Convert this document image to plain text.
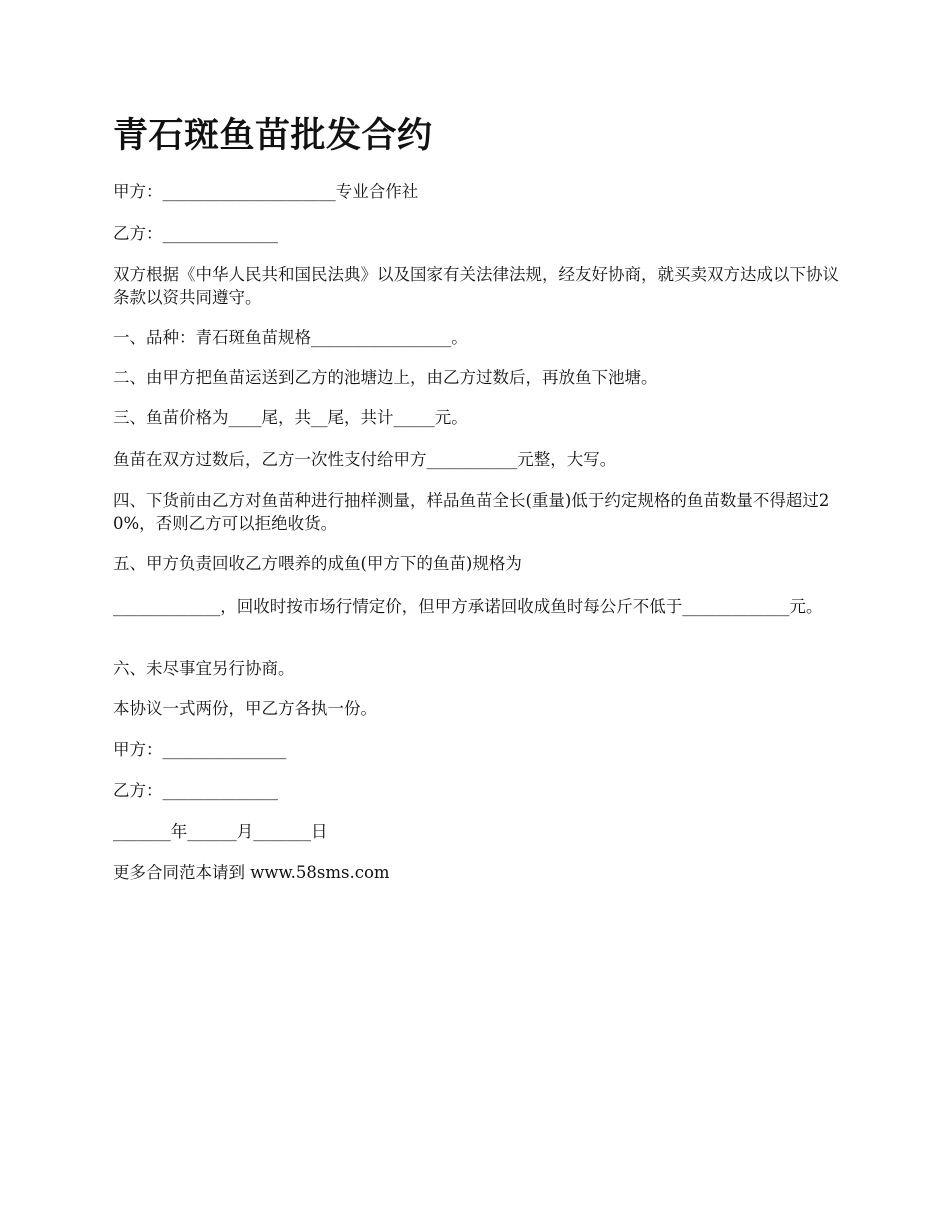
青石斑鱼苗批发合约
甲方：_____________________专业合作社
乙方：______________
双方根据《中华人民共和国民法典》以及国家有关法律法规，经友好协商，就买卖双方达成以下协议条款以资共同遵守。
一、品种：青石斑鱼苗规格_________________。
二、由甲方把鱼苗运送到乙方的池塘边上，由乙方过数后，再放鱼下池塘。
三、鱼苗价格为____尾，共__尾，共计_____元。
鱼苗在双方过数后，乙方一次性支付给甲方___________元整，大写。
四、下货前由乙方对鱼苗种进行抽样测量，样品鱼苗全长(重量)低于约定规格的鱼苗数量不得超过20%，否则乙方可以拒绝收货。
五、甲方负责回收乙方喂养的成鱼(甲方下的鱼苗)规格为
_____________，回收时按市场行情定价，但甲方承诺回收成鱼时每公斤不低于_____________元。
六、未尽事宜另行协商。
本协议一式两份，甲乙方各执一份。
甲方：_______________
乙方：______________
_______年______月_______日
更多合同范本请到 www.58sms.com
